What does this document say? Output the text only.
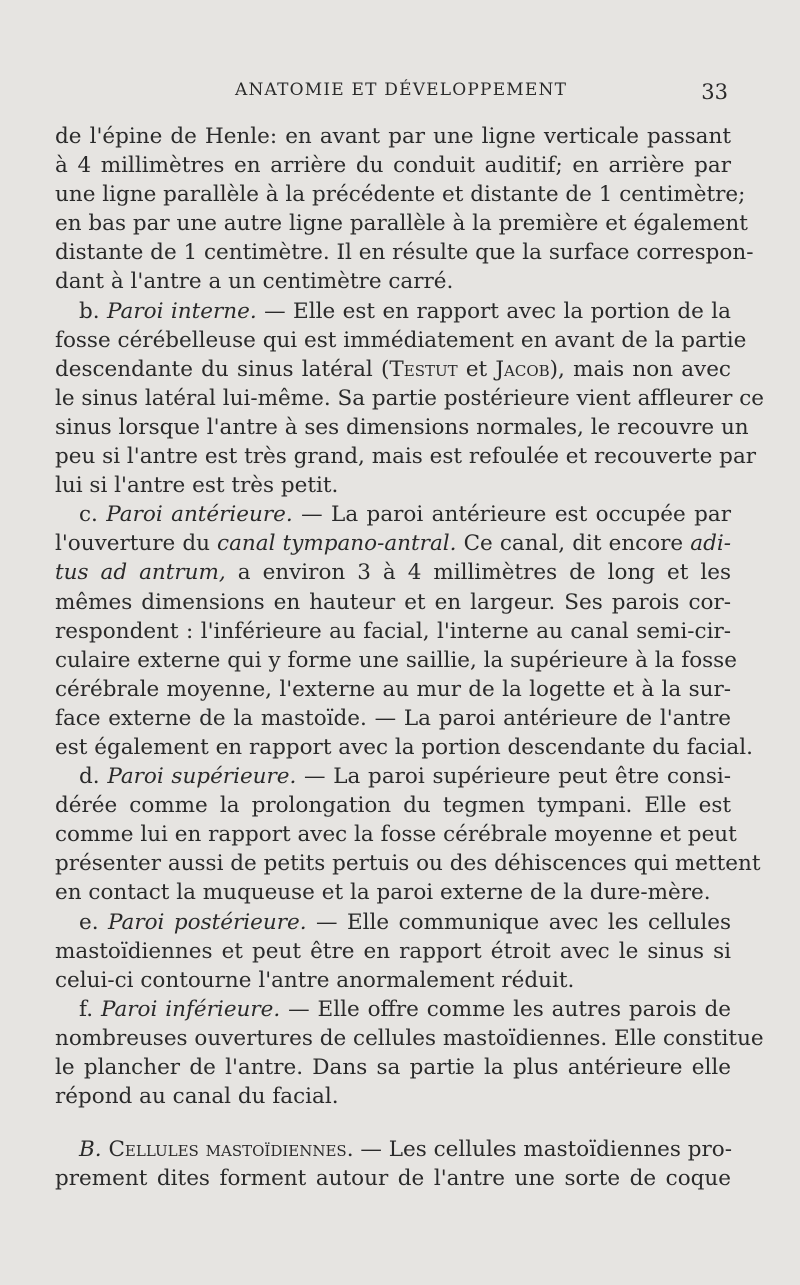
ANATOMIE ET DÉVELOPPEMENT	33

de l'épine de Henle: en avant par une ligne verticale passant
à 4 millimètres en arrière du conduit auditif; en arrière par
une ligne parallèle à la précédente et distante de 1 centimètre;
en bas par une autre ligne parallèle à la première et également
distante de 1 centimètre. Il en résulte que la surface correspon-
dant à l'antre a un centimètre carré.

b. Paroi interne. — Elle est en rapport avec la portion de la
fosse cérébelleuse qui est immédiatement en avant de la partie
descendante du sinus latéral (Testut et Jacob), mais non avec
le sinus latéral lui-même. Sa partie postérieure vient affleurer ce
sinus lorsque l'antre à ses dimensions normales, le recouvre un
peu si l'antre est très grand, mais est refoulée et recouverte par
lui si l'antre est très petit.

c. Paroi antérieure. — La paroi antérieure est occupée par
l'ouverture du canal tympano-antral. Ce canal, dit encore adi-
tus ad antrum, a environ 3 à 4 millimètres de long et les
mêmes dimensions en hauteur et en largeur. Ses parois cor-
respondent : l'inférieure au facial, l'interne au canal semi-cir-
culaire externe qui y forme une saillie, la supérieure à la fosse
cérébrale moyenne, l'externe au mur de la logette et à la sur-
face externe de la mastoïde. — La paroi antérieure de l'antre
est également en rapport avec la portion descendante du facial.

d. Paroi supérieure. — La paroi supérieure peut être consi-
dérée comme la prolongation du tegmen tympani. Elle est
comme lui en rapport avec la fosse cérébrale moyenne et peut
présenter aussi de petits pertuis ou des déhiscences qui mettent
en contact la muqueuse et la paroi externe de la dure-mère.

e. Paroi postérieure. — Elle communique avec les cellules
mastoïdiennes et peut être en rapport étroit avec le sinus si
celui-ci contourne l'antre anormalement réduit.

f. Paroi inférieure. — Elle offre comme les autres parois de
nombreuses ouvertures de cellules mastoïdiennes. Elle constitue
le plancher de l'antre. Dans sa partie la plus antérieure elle
répond au canal du facial.

B. Cellules mastoïdiennes. — Les cellules mastoïdiennes pro-
prement dites forment autour de l'antre une sorte de coque
